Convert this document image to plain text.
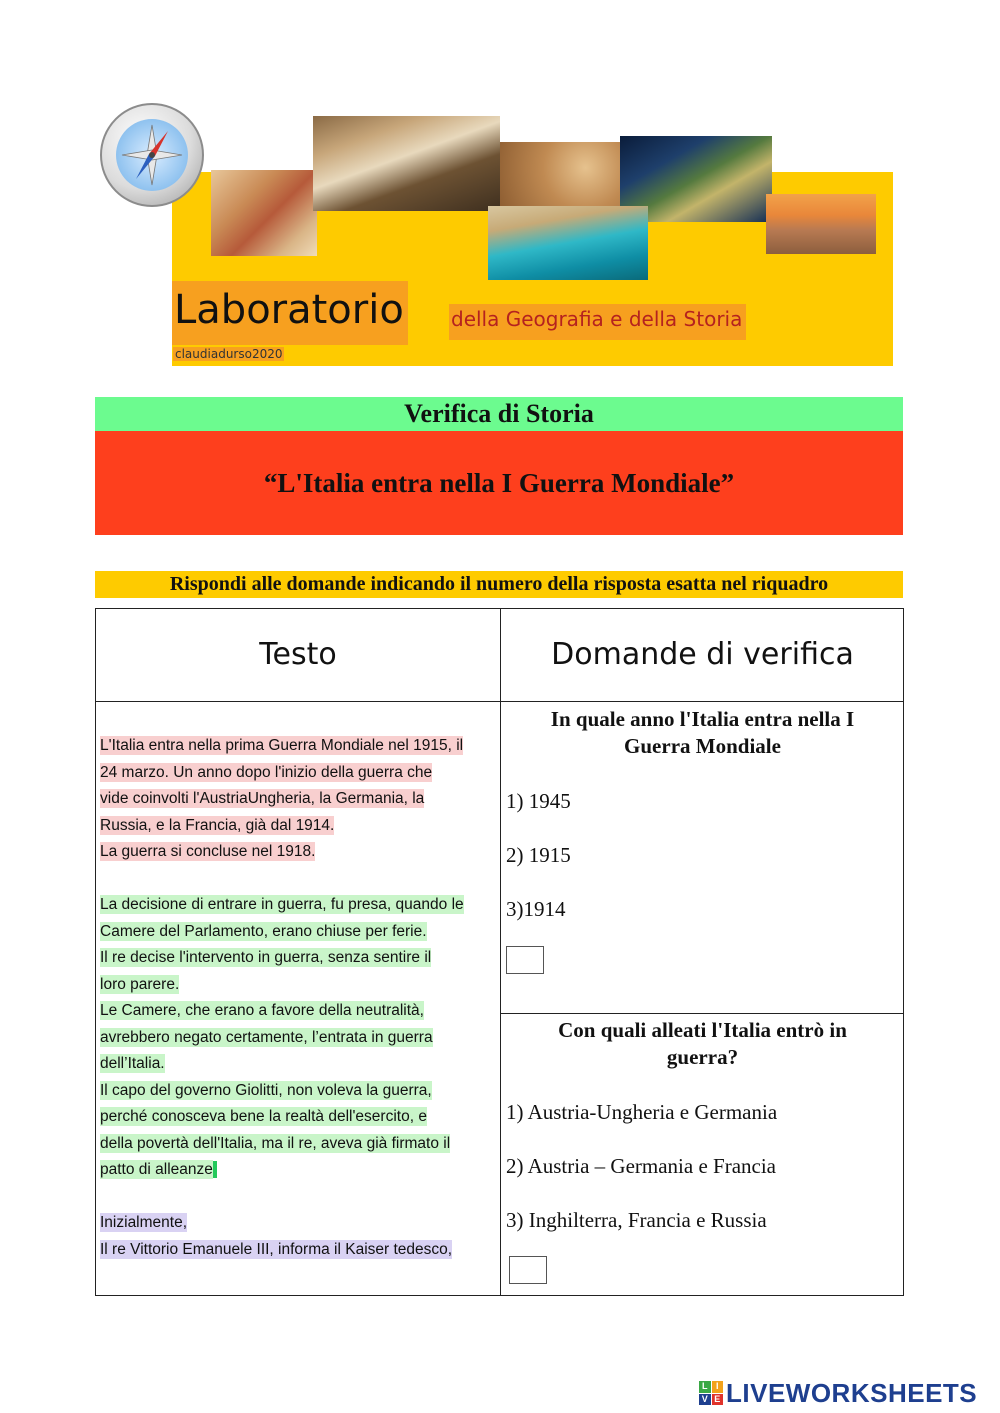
Laboratorio della Geografia e della Storia
claudiadurso2020
Verifica di Storia
“L'Italia entra nella I Guerra Mondiale”
Rispondi alle domande indicando il numero della risposta esatta nel riquadro
Testo	Domande di verifica
L'Italia entra nella prima Guerra Mondiale nel 1915, il
24 marzo. Un anno dopo l'inizio della guerra che
vide coinvolti l'AustriaUngheria, la Germania, la
Russia, e la Francia, già dal 1914.
La guerra si concluse nel 1918.
La decisione di entrare in guerra, fu presa, quando le
Camere del Parlamento, erano chiuse per ferie.
Il re decise l'intervento in guerra, senza sentire il
loro parere.
Le Camere, che erano a favore della neutralità,
avrebbero negato certamente, l’entrata in guerra
dell’Italia.
Il capo del governo Giolitti, non voleva la guerra,
perché conosceva bene la realtà dell'esercito, e
della povertà dell'Italia, ma il re, aveva già firmato il
patto di alleanze
Inizialmente,
Il re Vittorio Emanuele III, informa il Kaiser tedesco,
In quale anno l'Italia entra nella I Guerra Mondiale
1) 1945
2) 1915
3)1914
Con quali alleati l'Italia entrò in guerra?
1) Austria-Ungheria e Germania
2) Austria – Germania e Francia
3) Inghilterra, Francia e Russia
L I
V E LIVEWORKSHEETS
